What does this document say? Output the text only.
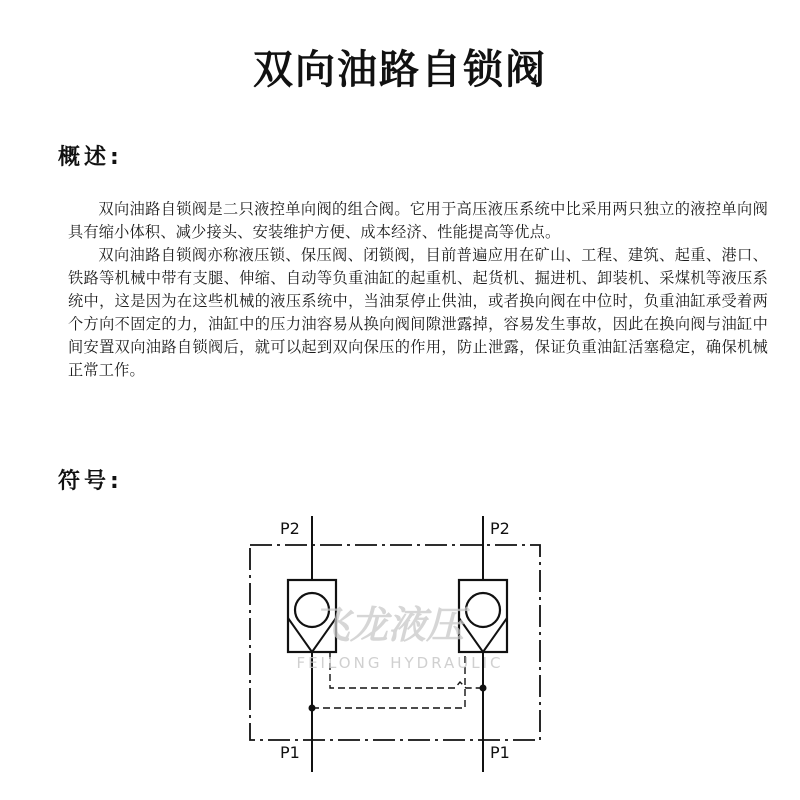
双向油路自锁阀
概述:

双向油路自锁阀是二只液控单向阀的组合阀。它用于高压液压系统中比采用两只独立的液控单向阀具有缩小体积、减少接头、安装维护方便、成本经济、性能提高等优点。

双向油路自锁阀亦称液压锁、保压阀、闭锁阀，目前普遍应用在矿山、工程、建筑、起重、港口、铁路等机械中带有支腿、伸缩、自动等负重油缸的起重机、起货机、掘进机、卸装机、采煤机等液压系统中，这是因为在这些机械的液压系统中，当油泵停止供油，或者换向阀在中位时，负重油缸承受着两个方向不固定的力，油缸中的压力油容易从换向阀间隙泄露掉，容易发生事故，因此在换向阀与油缸中间安置双向油路自锁阀后，就可以起到双向保压的作用，防止泄露，保证负重油缸活塞稳定，确保机械正常工作。

符号:
P2	P2
P1	P1
飞龙液压
FEILONG HYDRAULIC
